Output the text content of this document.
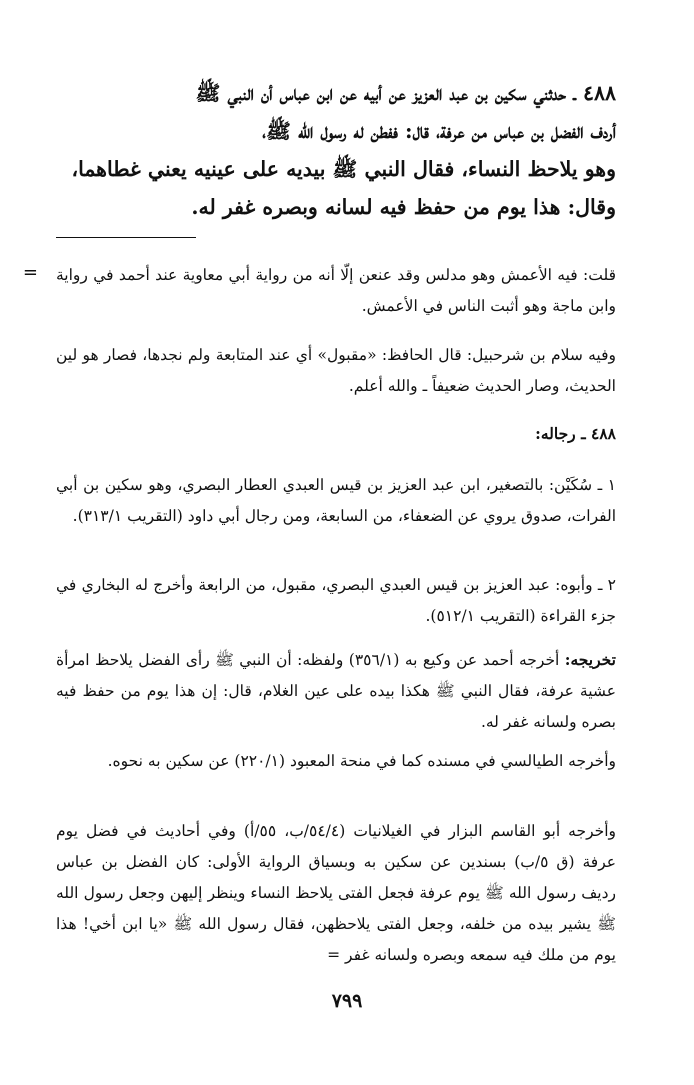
٤٨٨ ـ حدثني سكين بن عبد العزيز عن أبيه عن ابن عباس أن النبي ﷺ

أردف الفضل بن عباس من عرفة، قال: ففطن له رسول الله ﷺ،

وهو يلاحظ النساء، فقال النبي ﷺ بيديه على عينيه يعني غطاهما،

وقال: هذا يوم من حفظ فيه لسانه وبصره غفر له.

قلت: فيه الأعمش وهو مدلس وقد عنعن إلّا أنه من رواية أبي معاوية عند أحمد في رواية وابن ماجة وهو أثبت الناس في الأعمش.

وفيه سلام بن شرحبيل: قال الحافظ: «مقبول» أي عند المتابعة ولم نجدها، فصار هو لين الحديث، وصار الحديث ضعيفاً ـ والله أعلم.

٤٨٨ ـ رجاله:

١ ـ سُكَيْن: بالتصغير، ابن عبد العزيز بن قيس العبدي العطار البصري، وهو سكين بن أبي الفرات، صدوق يروي عن الضعفاء، من السابعة، ومن رجال أبي داود (التقريب ٣١٣/١).

٢ ـ وأبوه: عبد العزيز بن قيس العبدي البصري، مقبول، من الرابعة وأخرج له البخاري في جزء القراءة (التقريب ٥١٢/١).

تخريجه: أخرجه أحمد عن وكيع به (٣٥٦/١) ولفظه: أن النبي ﷺ رأى الفضل يلاحظ امرأة عشية عرفة، فقال النبي ﷺ هكذا بيده على عين الغلام، قال: إن هذا يوم من حفظ فيه بصره ولسانه غفر له.

وأخرجه الطيالسي في مسنده كما في منحة المعبود (٢٢٠/١) عن سكين به نحوه.

وأخرجه أبو القاسم البزار في الغيلانيات (٥٤/٤/ب، ٥٥/أ) وفي أحاديث في فضل يوم عرفة (ق ٥/ب) بسندين عن سكين به وبسياق الرواية الأولى: كان الفضل بن عباس رديف رسول الله ﷺ يوم عرفة فجعل الفتى يلاحظ النساء وينظر إليهن وجعل رسول الله ﷺ يشير بيده من خلفه، وجعل الفتى يلاحظهن، فقال رسول الله ﷺ «يا ابن أخي! هذا يوم من ملك فيه سمعه وبصره ولسانه غفر =

=
٧٩٩
